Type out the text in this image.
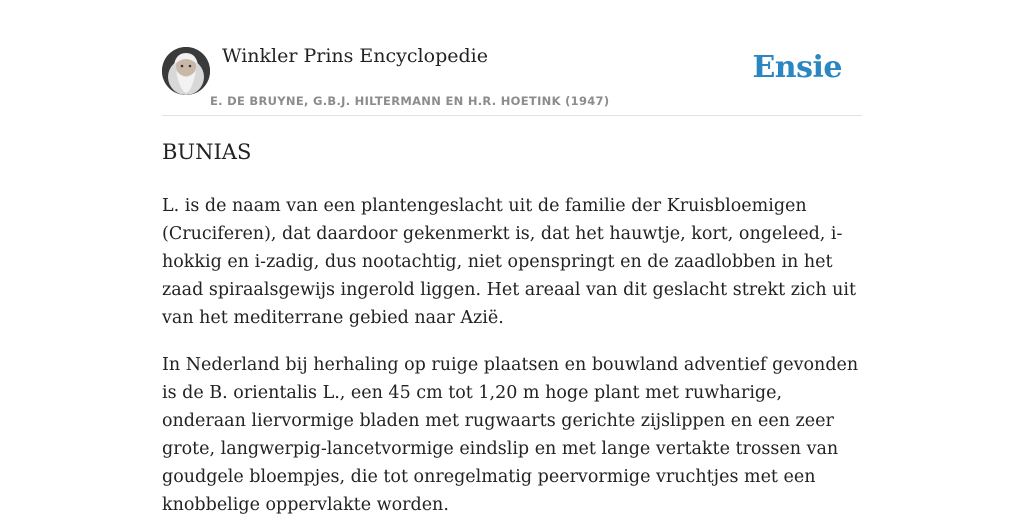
Winkler Prins Encyclopedie
E. DE BRUYNE, G.B.J. HILTERMANN EN H.R. HOETINK (1947)
Ensie
BUNIAS

L. is de naam van een plantengeslacht uit de familie der Kruisbloemigen (Cruciferen), dat daardoor gekenmerkt is, dat het hauwtje, kort, ongeleed, i-hokkig en i-zadig, dus nootachtig, niet openspringt en de zaadlobben in het zaad spiraalsgewijs ingerold liggen. Het areaal van dit geslacht strekt zich uit van het mediterrane gebied naar Azië.

In Nederland bij herhaling op ruige plaatsen en bouwland adventief gevonden is de B. orientalis L., een 45 cm tot 1,20 m hoge plant met ruwharige, onderaan liervormige bladen met rugwaarts gerichte zijslippen en een zeer grote, langwerpig-lancetvormige eindslip en met lange vertakte trossen van goudgele bloempjes, die tot onregelmatig peervormige vruchtjes met een knobbelige oppervlakte worden.
